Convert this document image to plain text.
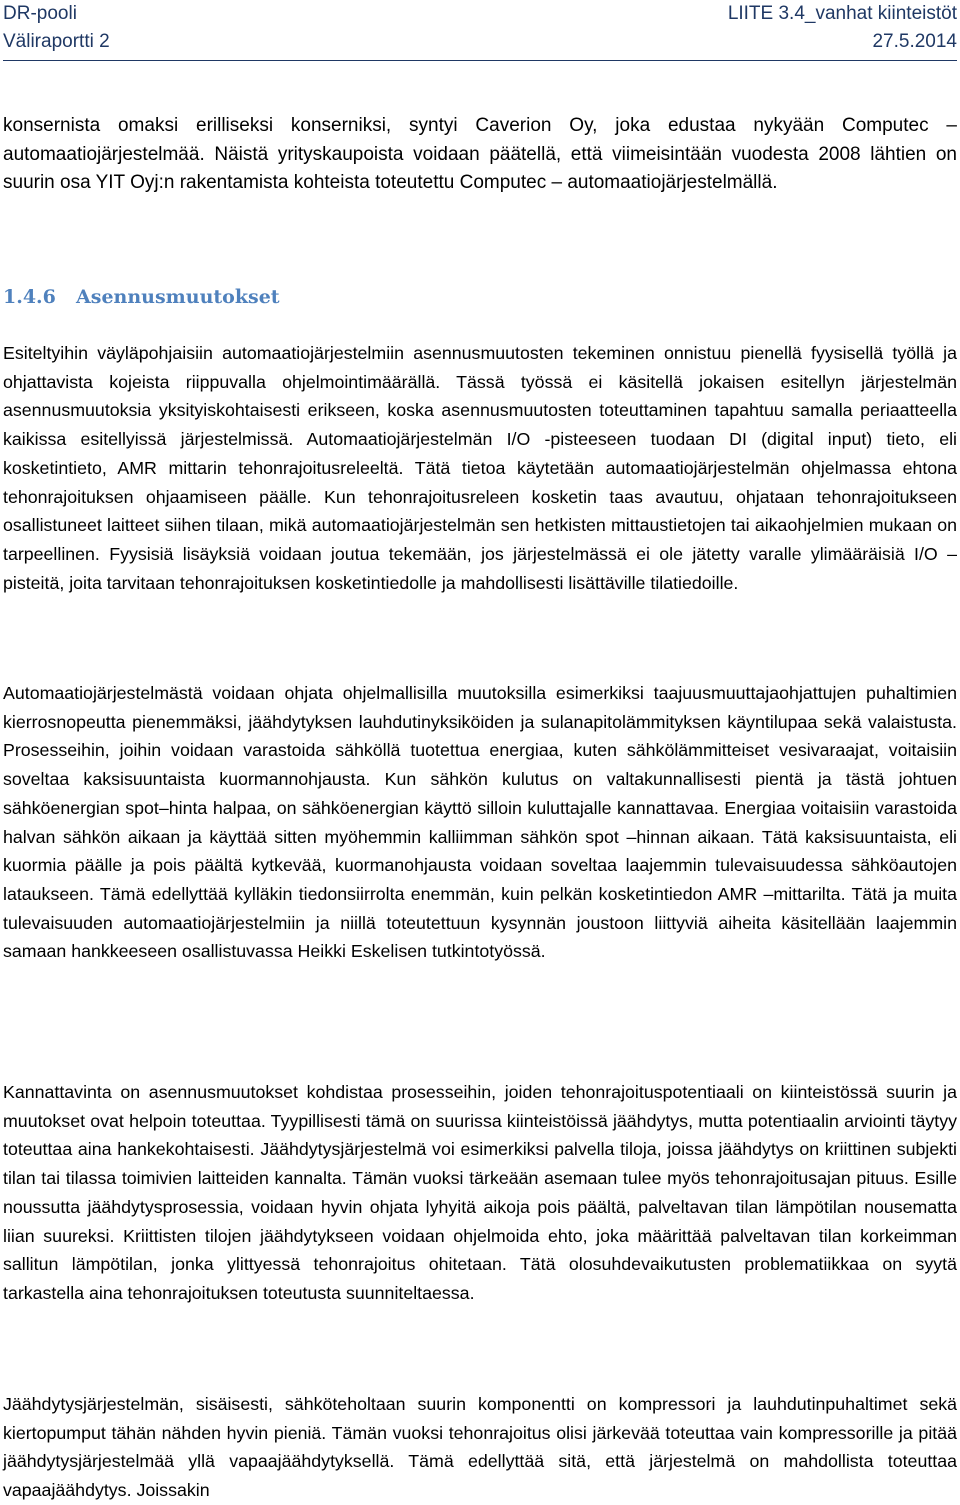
DR-pooli	LIITE 3.4_vanhat kiinteistöt
Väliraportti 2	27.5.2014

konsernista omaksi erilliseksi konserniksi, syntyi Caverion Oy, joka edustaa nykyään Computec – automaatiojärjestelmää. Näistä yrityskaupoista voidaan päätellä, että viimeisintään vuodesta 2008 lähtien on suurin osa YIT Oyj:n rakentamista kohteista toteutettu Computec – automaatiojärjestelmällä.

1.4.6 Asennusmuutokset

Esiteltyihin väyläpohjaisiin automaatiojärjestelmiin asennusmuutosten tekeminen onnistuu pienellä fyysisellä työllä ja ohjattavista kojeista riippuvalla ohjelmointimäärällä. Tässä työssä ei käsitellä jokaisen esitellyn järjestelmän asennusmuutoksia yksityiskohtaisesti erikseen, koska asennusmuutosten toteuttaminen tapahtuu samalla periaatteella kaikissa esitellyissä järjestelmissä. Automaatiojärjestelmän I/O -pisteeseen tuodaan DI (digital input) tieto, eli kosketintieto, AMR mittarin tehonrajoitusreleeltä. Tätä tietoa käytetään automaatiojärjestelmän ohjelmassa ehtona tehonrajoituksen ohjaamiseen päälle. Kun tehonrajoitusreleen kosketin taas avautuu, ohjataan tehonrajoitukseen osallistuneet laitteet siihen tilaan, mikä automaatiojärjestelmän sen hetkisten mittaustietojen tai aikaohjelmien mukaan on tarpeellinen. Fyysisiä lisäyksiä voidaan joutua tekemään, jos järjestelmässä ei ole jätetty varalle ylimääräisiä I/O – pisteitä, joita tarvitaan tehonrajoituksen kosketintiedolle ja mahdollisesti lisättäville tilatiedoille.

Automaatiojärjestelmästä voidaan ohjata ohjelmallisilla muutoksilla esimerkiksi taajuusmuuttajaohjattujen puhaltimien kierrosnopeutta pienemmäksi, jäähdytyksen lauhdutinyksiköiden ja sulanapitolämmityksen käyntilupaa sekä valaistusta. Prosesseihin, joihin voidaan varastoida sähköllä tuotettua energiaa, kuten sähkölämmitteiset vesivaraajat, voitaisiin soveltaa kaksisuuntaista kuormannohjausta. Kun sähkön kulutus on valtakunnallisesti pientä ja tästä johtuen sähköenergian spot–hinta halpaa, on sähköenergian käyttö silloin kuluttajalle kannattavaa. Energiaa voitaisiin varastoida halvan sähkön aikaan ja käyttää sitten myöhemmin kalliimman sähkön spot –hinnan aikaan. Tätä kaksisuuntaista, eli kuormia päälle ja pois päältä kytkevää, kuormanohjausta voidaan soveltaa laajemmin tulevaisuudessa sähköautojen lataukseen. Tämä edellyttää kylläkin tiedonsiirrolta enemmän, kuin pelkän kosketintiedon AMR –mittarilta. Tätä ja muita tulevaisuuden automaatiojärjestelmiin ja niillä toteutettuun kysynnän joustoon liittyviä aiheita käsitellään laajemmin samaan hankkeeseen osallistuvassa Heikki Eskelisen tutkintotyössä.

Kannattavinta on asennusmuutokset kohdistaa prosesseihin, joiden tehonrajoituspotentiaali on kiinteistössä suurin ja muutokset ovat helpoin toteuttaa. Tyypillisesti tämä on suurissa kiinteistöissä jäähdytys, mutta potentiaalin arviointi täytyy toteuttaa aina hankekohtaisesti. Jäähdytysjärjestelmä voi esimerkiksi palvella tiloja, joissa jäähdytys on kriittinen subjekti tilan tai tilassa toimivien laitteiden kannalta. Tämän vuoksi tärkeään asemaan tulee myös tehonrajoitusajan pituus. Esille noussutta jäähdytysprosessia, voidaan hyvin ohjata lyhyitä aikoja pois päältä, palveltavan tilan lämpötilan nousematta liian suureksi. Kriittisten tilojen jäähdytykseen voidaan ohjelmoida ehto, joka määrittää palveltavan tilan korkeimman sallitun lämpötilan, jonka ylittyessä tehonrajoitus ohitetaan. Tätä olosuhdevaikutusten problematiikkaa on syytä tarkastella aina tehonrajoituksen toteutusta suunniteltaessa.

Jäähdytysjärjestelmän, sisäisesti, sähköteholtaan suurin komponentti on kompressori ja lauhdutinpuhaltimet sekä kiertopumput tähän nähden hyvin pieniä. Tämän vuoksi tehonrajoitus olisi järkevää toteuttaa vain kompressorille ja pitää jäähdytysjärjestelmää yllä vapaajäähdytyksellä. Tämä edellyttää sitä, että järjestelmä on mahdollista toteuttaa vapaajäähdytys. Joissakin
